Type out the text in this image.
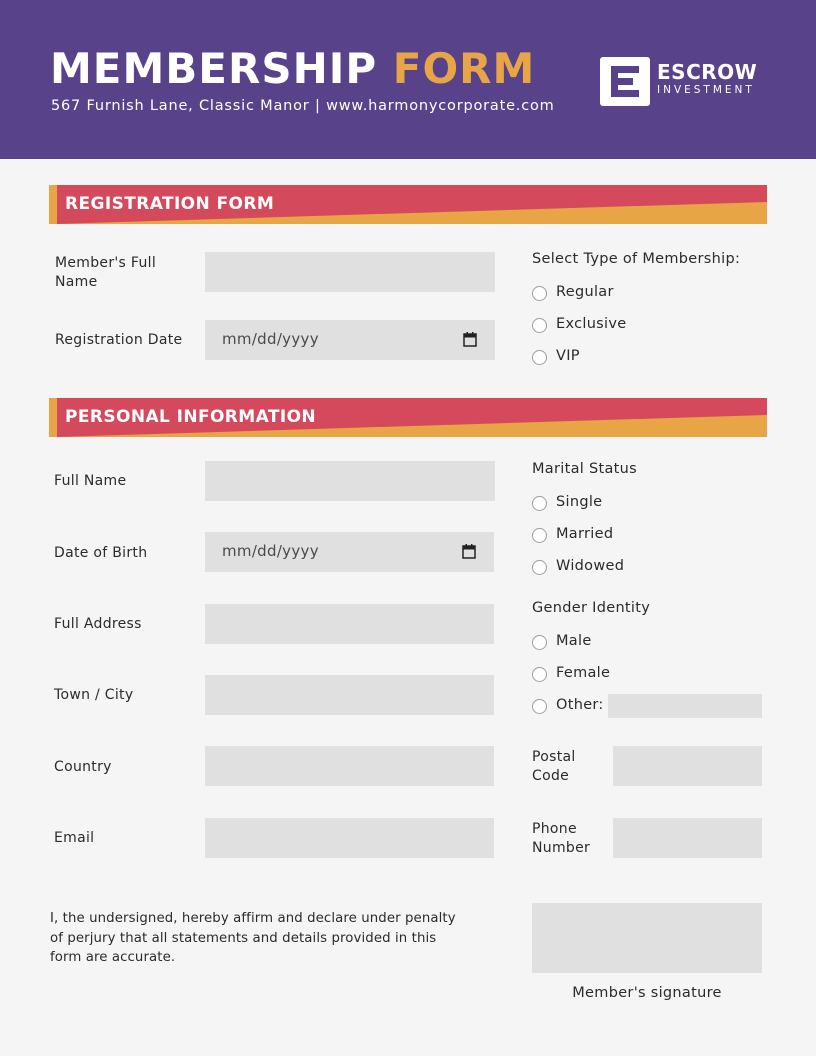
MEMBERSHIP FORM
567 Furnish Lane, Classic Manor | www.harmonycorporate.com
ESCROW
INVESTMENT
REGISTRATION FORM
Member's Full Name
Registration Date	mm/dd/yyyy
Select Type of Membership:
Regular
Exclusive
VIP
PERSONAL INFORMATION
Full Name
Date of Birth	mm/dd/yyyy
Full Address
Town / City
Country
Email
Marital Status
Single
Married
Widowed
Gender Identity
Male
Female
Other:
Postal Code
Phone Number
I, the undersigned, hereby affirm and declare under penalty of perjury that all statements and details provided in this form are accurate.
Member's signature
